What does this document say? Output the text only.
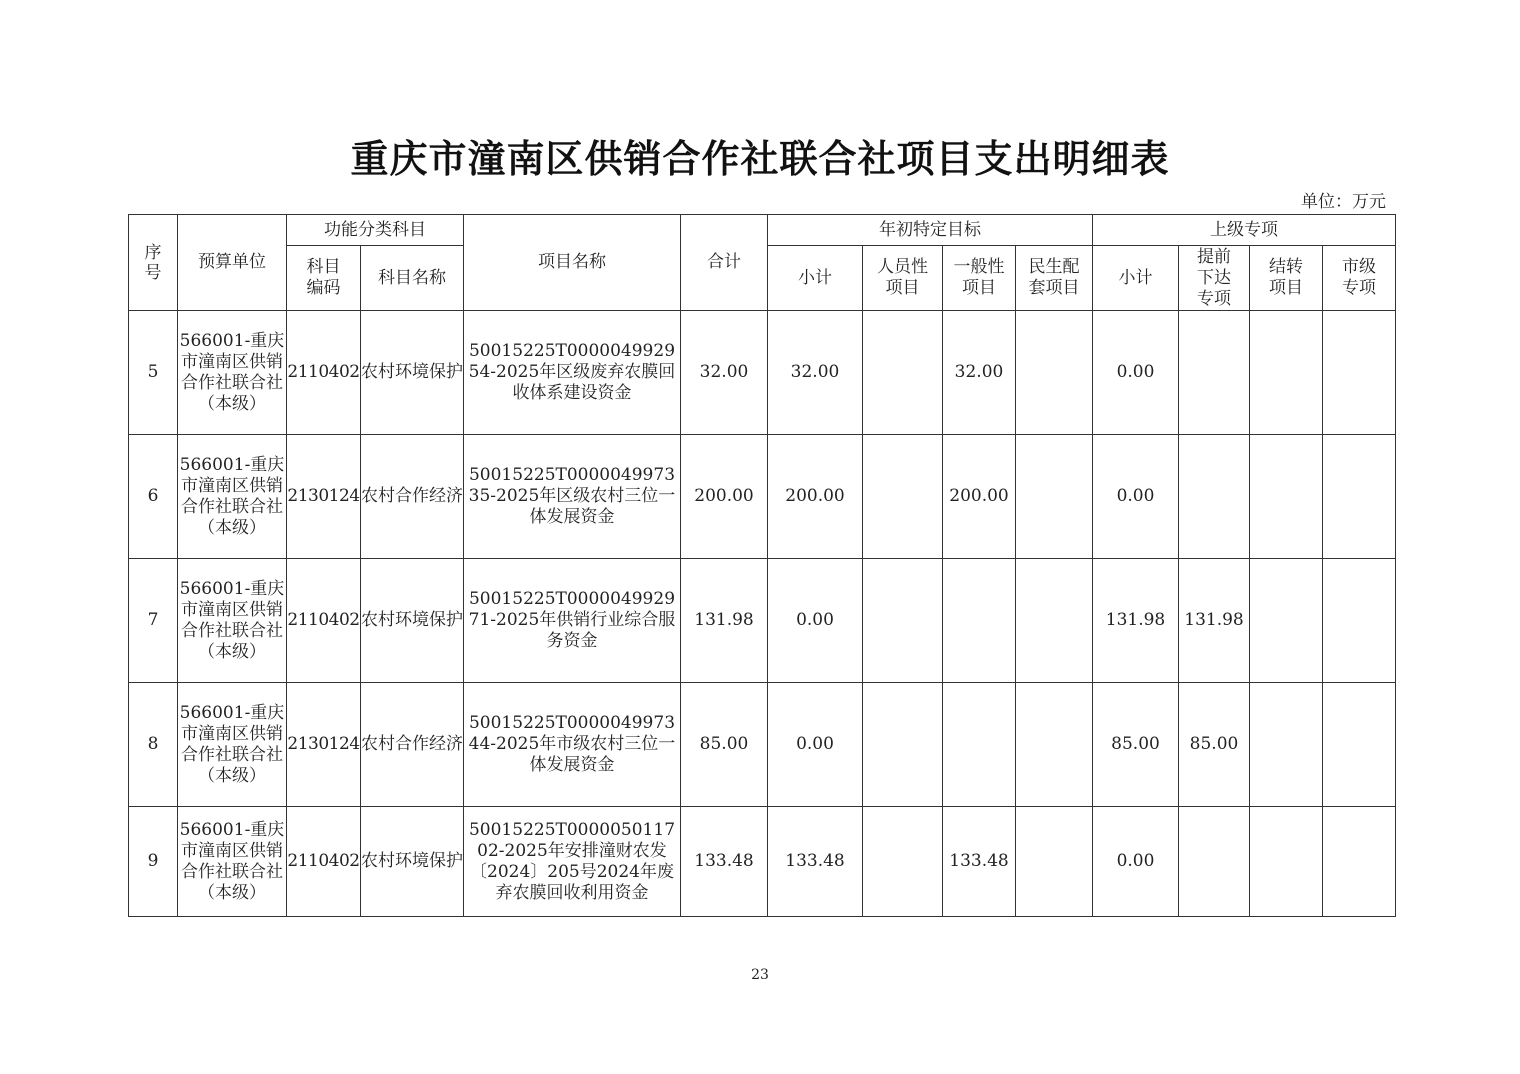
重庆市潼南区供销合作社联合社项目支出明细表
单位：万元
序号	预算单位	功能分类科目		项目名称	合计	年初特定目标				上级专项			
		科目编码	科目名称			小计	人员性项目	一般性项目	民生配套项目	小计	提前下达专项	结转项目	市级专项
5	566001-重庆市潼南区供销合作社联合社（本级）	2110402	农村环境保护	50015225T000004992954-2025年区级废弃农膜回收体系建设资金	32.00	32.00		32.00		0.00			
6	566001-重庆市潼南区供销合作社联合社（本级）	2130124	农村合作经济	50015225T000004997335-2025年区级农村三位一体发展资金	200.00	200.00		200.00		0.00			
7	566001-重庆市潼南区供销合作社联合社（本级）	2110402	农村环境保护	50015225T000004992971-2025年供销行业综合服务资金	131.98	0.00				131.98	131.98		
8	566001-重庆市潼南区供销合作社联合社（本级）	2130124	农村合作经济	50015225T000004997344-2025年市级农村三位一体发展资金	85.00	0.00				85.00	85.00		
9	566001-重庆市潼南区供销合作社联合社（本级）	2110402	农村环境保护	50015225T000005011702-2025年安排潼财农发〔2024〕205号2024年废弃农膜回收利用资金	133.48	133.48		133.48		0.00			
23
